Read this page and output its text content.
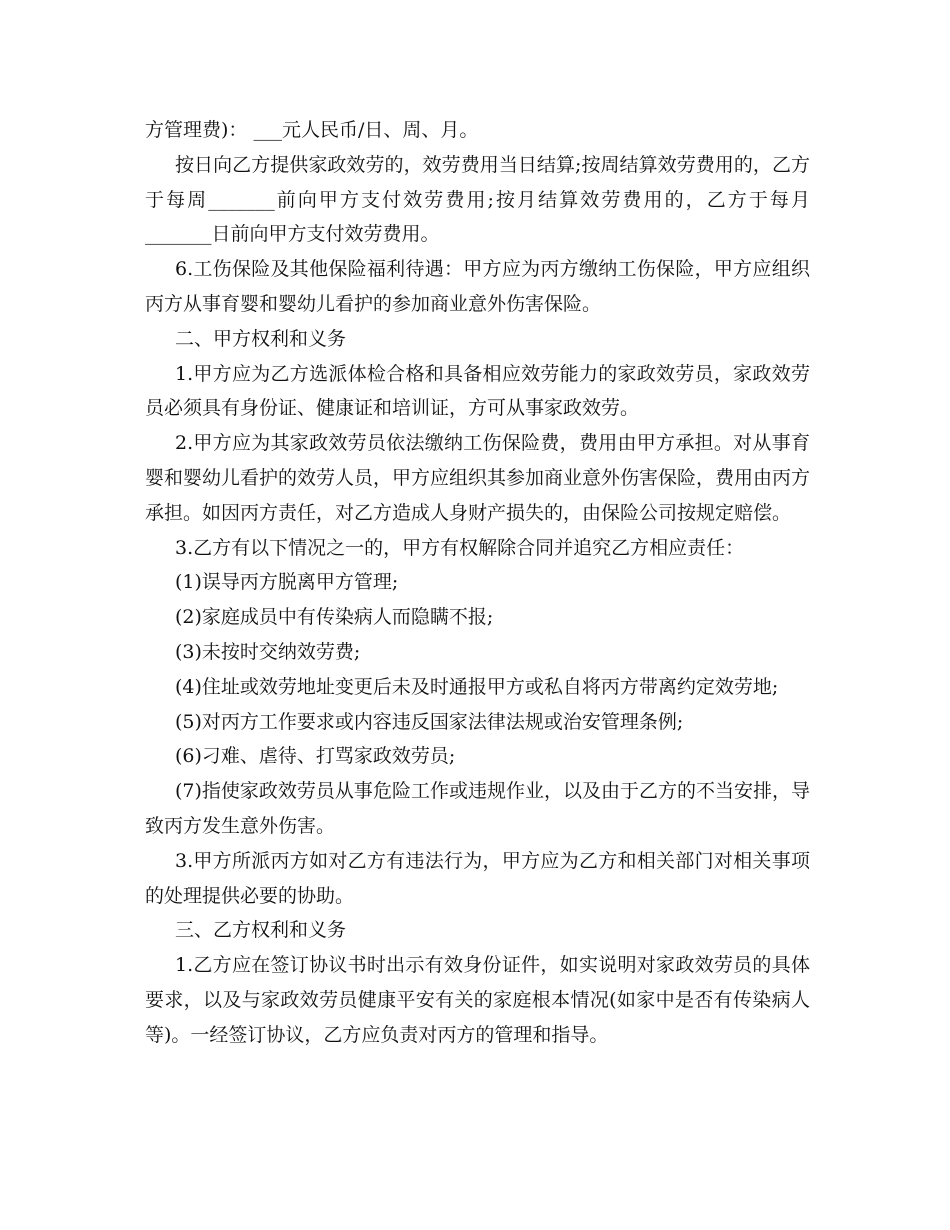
方管理费)： ___元人民币/日、周、月。

按日向乙方提供家政效劳的，效劳费用当日结算;按周结算效劳费用的，乙方于每周_______前向甲方支付效劳费用;按月结算效劳费用的，乙方于每月_______日前向甲方支付效劳费用。

6.工伤保险及其他保险福利待遇：甲方应为丙方缴纳工伤保险，甲方应组织丙方从事育婴和婴幼儿看护的参加商业意外伤害保险。

二、甲方权利和义务

1.甲方应为乙方选派体检合格和具备相应效劳能力的家政效劳员，家政效劳员必须具有身份证、健康证和培训证，方可从事家政效劳。

2.甲方应为其家政效劳员依法缴纳工伤保险费，费用由甲方承担。对从事育婴和婴幼儿看护的效劳人员，甲方应组织其参加商业意外伤害保险，费用由丙方承担。如因丙方责任，对乙方造成人身财产损失的，由保险公司按规定赔偿。

3.乙方有以下情况之一的，甲方有权解除合同并追究乙方相应责任：

(1)误导丙方脱离甲方管理;

(2)家庭成员中有传染病人而隐瞒不报;

(3)未按时交纳效劳费;

(4)住址或效劳地址变更后未及时通报甲方或私自将丙方带离约定效劳地;

(5)对丙方工作要求或内容违反国家法律法规或治安管理条例;

(6)刁难、虐待、打骂家政效劳员;

(7)指使家政效劳员从事危险工作或违规作业，以及由于乙方的不当安排，导致丙方发生意外伤害。

3.甲方所派丙方如对乙方有违法行为，甲方应为乙方和相关部门对相关事项的处理提供必要的协助。

三、乙方权利和义务

1.乙方应在签订协议书时出示有效身份证件，如实说明对家政效劳员的具体要求，以及与家政效劳员健康平安有关的家庭根本情况(如家中是否有传染病人等)。一经签订协议，乙方应负责对丙方的管理和指导。
